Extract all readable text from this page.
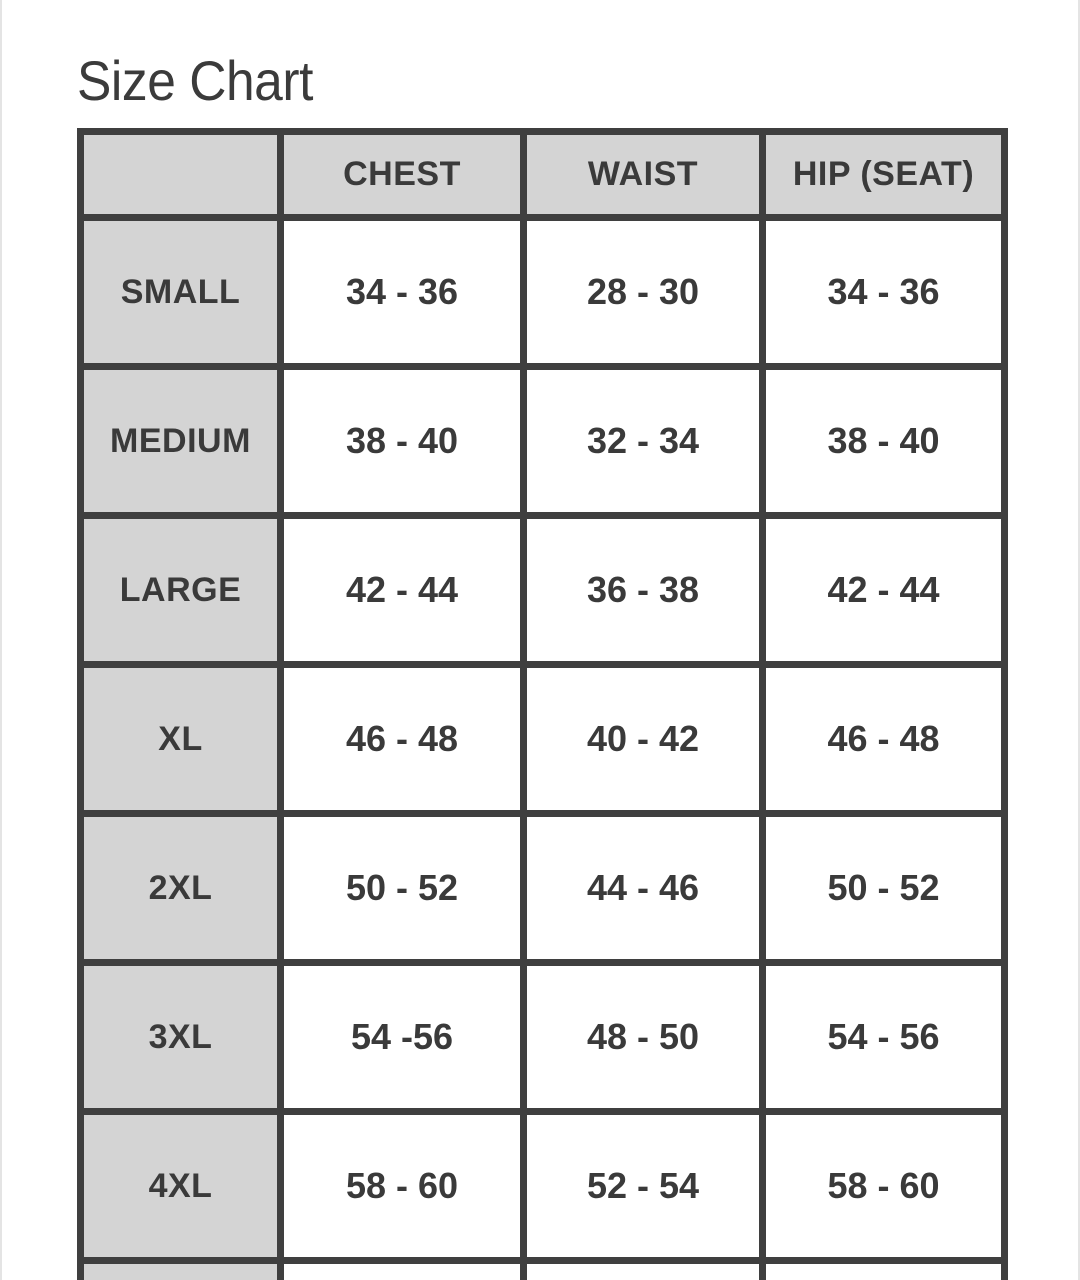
Size Chart
	CHEST	WAIST	HIP (SEAT)
SMALL	34 - 36	28 - 30	34 - 36
MEDIUM	38 - 40	32 - 34	38 - 40
LARGE	42 - 44	36 - 38	42 - 44
XL	46 - 48	40 - 42	46 - 48
2XL	50 - 52	44 - 46	50 - 52
3XL	54 -56	48 - 50	54 - 56
4XL	58 - 60	52 - 54	58 - 60
